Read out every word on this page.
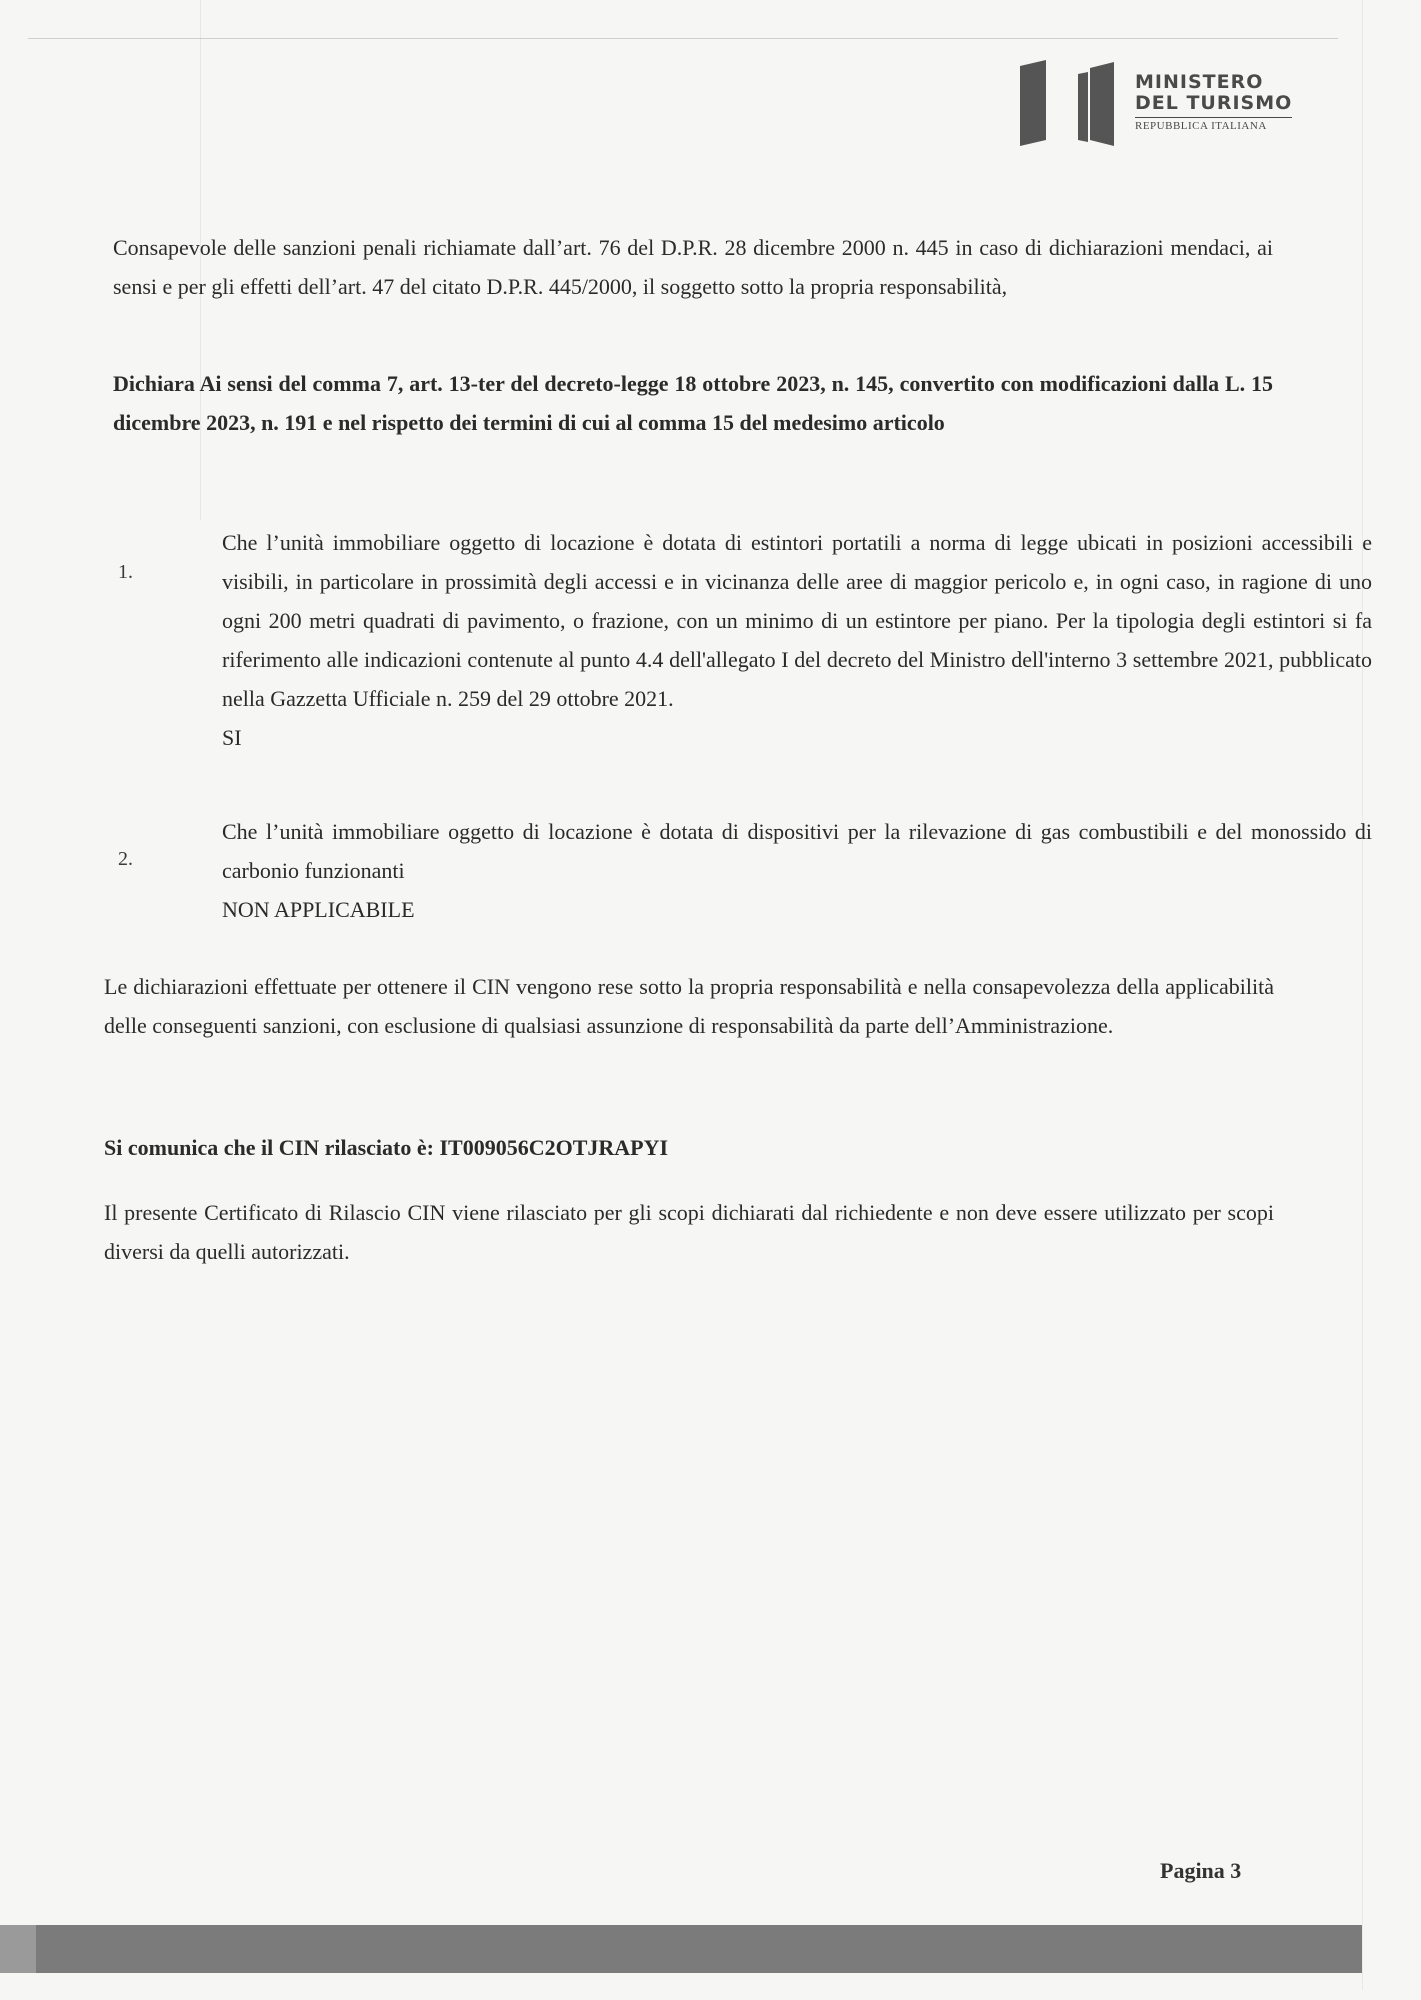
MINISTERO
DEL TURISMO
REPUBBLICA ITALIANA
Consapevole delle sanzioni penali richiamate dall’art. 76 del D.P.R. 28 dicembre 2000 n. 445 in caso di dichiarazioni mendaci, ai sensi e per gli effetti dell’art. 47 del citato D.P.R. 445/2000, il soggetto sotto la propria responsabilità,
Dichiara Ai sensi del comma 7, art. 13-ter del decreto-legge 18 ottobre 2023, n. 145, convertito con modificazioni dalla L. 15 dicembre 2023, n. 191 e nel rispetto dei termini di cui al comma 15 del medesimo articolo
1.
Che l’unità immobiliare oggetto di locazione è dotata di estintori portatili a norma di legge ubicati in posizioni accessibili e visibili, in particolare in prossimità degli accessi e in vicinanza delle aree di maggior pericolo e, in ogni caso, in ragione di uno ogni 200 metri quadrati di pavimento, o frazione, con un minimo di un estintore per piano. Per la tipologia degli estintori si fa riferimento alle indicazioni contenute al punto 4.4 dell'allegato I del decreto del Ministro dell'interno 3 settembre 2021, pubblicato nella Gazzetta Ufficiale n. 259 del 29 ottobre 2021.
SI
2.
Che l’unità immobiliare oggetto di locazione è dotata di dispositivi per la rilevazione di gas combustibili e del monossido di carbonio funzionanti
NON APPLICABILE
Le dichiarazioni effettuate per ottenere il CIN vengono rese sotto la propria responsabilità e nella consapevolezza della applicabilità delle conseguenti sanzioni, con esclusione di qualsiasi assunzione di responsabilità da parte dell’Amministrazione.
Si comunica che il CIN rilasciato è: IT009056C2OTJRAPYI
Il presente Certificato di Rilascio CIN viene rilasciato per gli scopi dichiarati dal richiedente e non deve essere utilizzato per scopi diversi da quelli autorizzati.
Pagina 3
